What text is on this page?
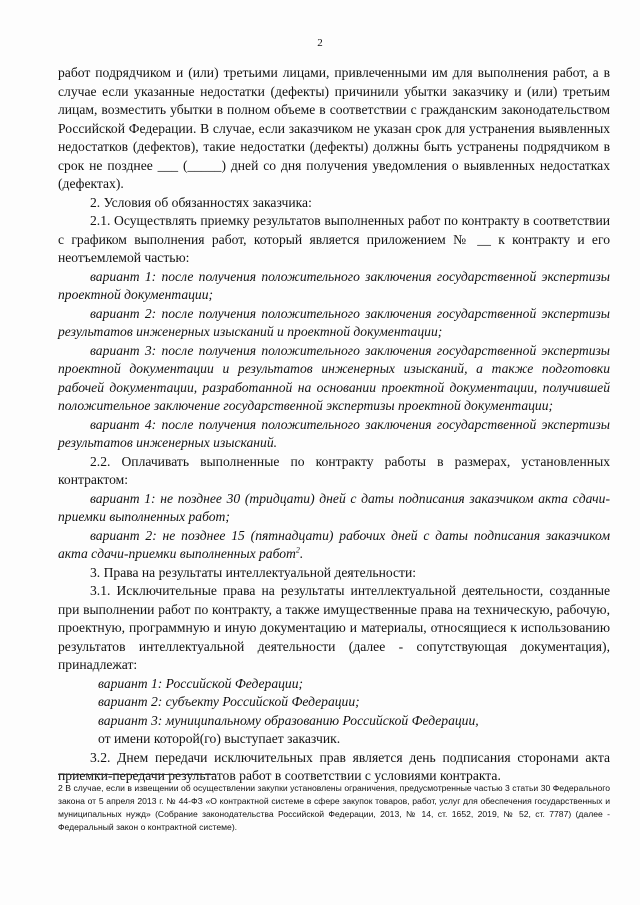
2

работ подрядчиком и (или) третьими лицами, привлеченными им для выполнения работ, а в случае если указанные недостатки (дефекты) причинили убытки заказчику и (или) третьим лицам, возместить убытки в полном объеме в соответствии с гражданским законодательством Российской Федерации. В случае, если заказчиком не указан срок для устранения выявленных недостатков (дефектов), такие недостатки (дефекты) должны быть устранены подрядчиком в срок не позднее ___ (_____) дней со дня получения уведомления о выявленных недостатках (дефектах).

2. Условия об обязанностях заказчика:

2.1. Осуществлять приемку результатов выполненных работ по контракту в соответствии с графиком выполнения работ, который является приложением № __ к контракту и его неотъемлемой частью:

вариант 1: после получения положительного заключения государственной экспертизы проектной документации;

вариант 2: после получения положительного заключения государственной экспертизы результатов инженерных изысканий и проектной документации;

вариант 3: после получения положительного заключения государственной экспертизы проектной документации и результатов инженерных изысканий, а также подготовки рабочей документации, разработанной на основании проектной документации, получившей положительное заключение государственной экспертизы проектной документации;

вариант 4: после получения положительного заключения государственной экспертизы результатов инженерных изысканий.

2.2. Оплачивать выполненные по контракту работы в размерах, установленных контрактом:

вариант 1: не позднее 30 (тридцати) дней с даты подписания заказчиком акта сдачи-приемки выполненных работ;

вариант 2: не позднее 15 (пятнадцати) рабочих дней с даты подписания заказчиком акта сдачи-приемки выполненных работ$^2$.

3. Права на результаты интеллектуальной деятельности:

3.1. Исключительные права на результаты интеллектуальной деятельности, созданные при выполнении работ по контракту, а также имущественные права на техническую, рабочую, проектную, программную и иную документацию и материалы, относящиеся к использованию результатов интеллектуальной деятельности (далее - сопутствующая документация), принадлежат:

вариант 1: Российской Федерации;

вариант 2: субъекту Российской Федерации;

вариант 3: муниципальному образованию Российской Федерации,

от имени которой(го) выступает заказчик.

3.2. Днем передачи исключительных прав является день подписания сторонами акта приемки-передачи результатов работ в соответствии с условиями контракта.

2 В случае, если в извещении об осуществлении закупки установлены ограничения, предусмотренные частью 3 статьи 30 Федерального закона от 5 апреля 2013 г. № 44-ФЗ «О контрактной системе в сфере закупок товаров, работ, услуг для обеспечения государственных и муниципальных нужд» (Собрание законодательства Российской Федерации, 2013, № 14, ст. 1652, 2019, № 52, ст. 7787) (далее - Федеральный закон о контрактной системе).
